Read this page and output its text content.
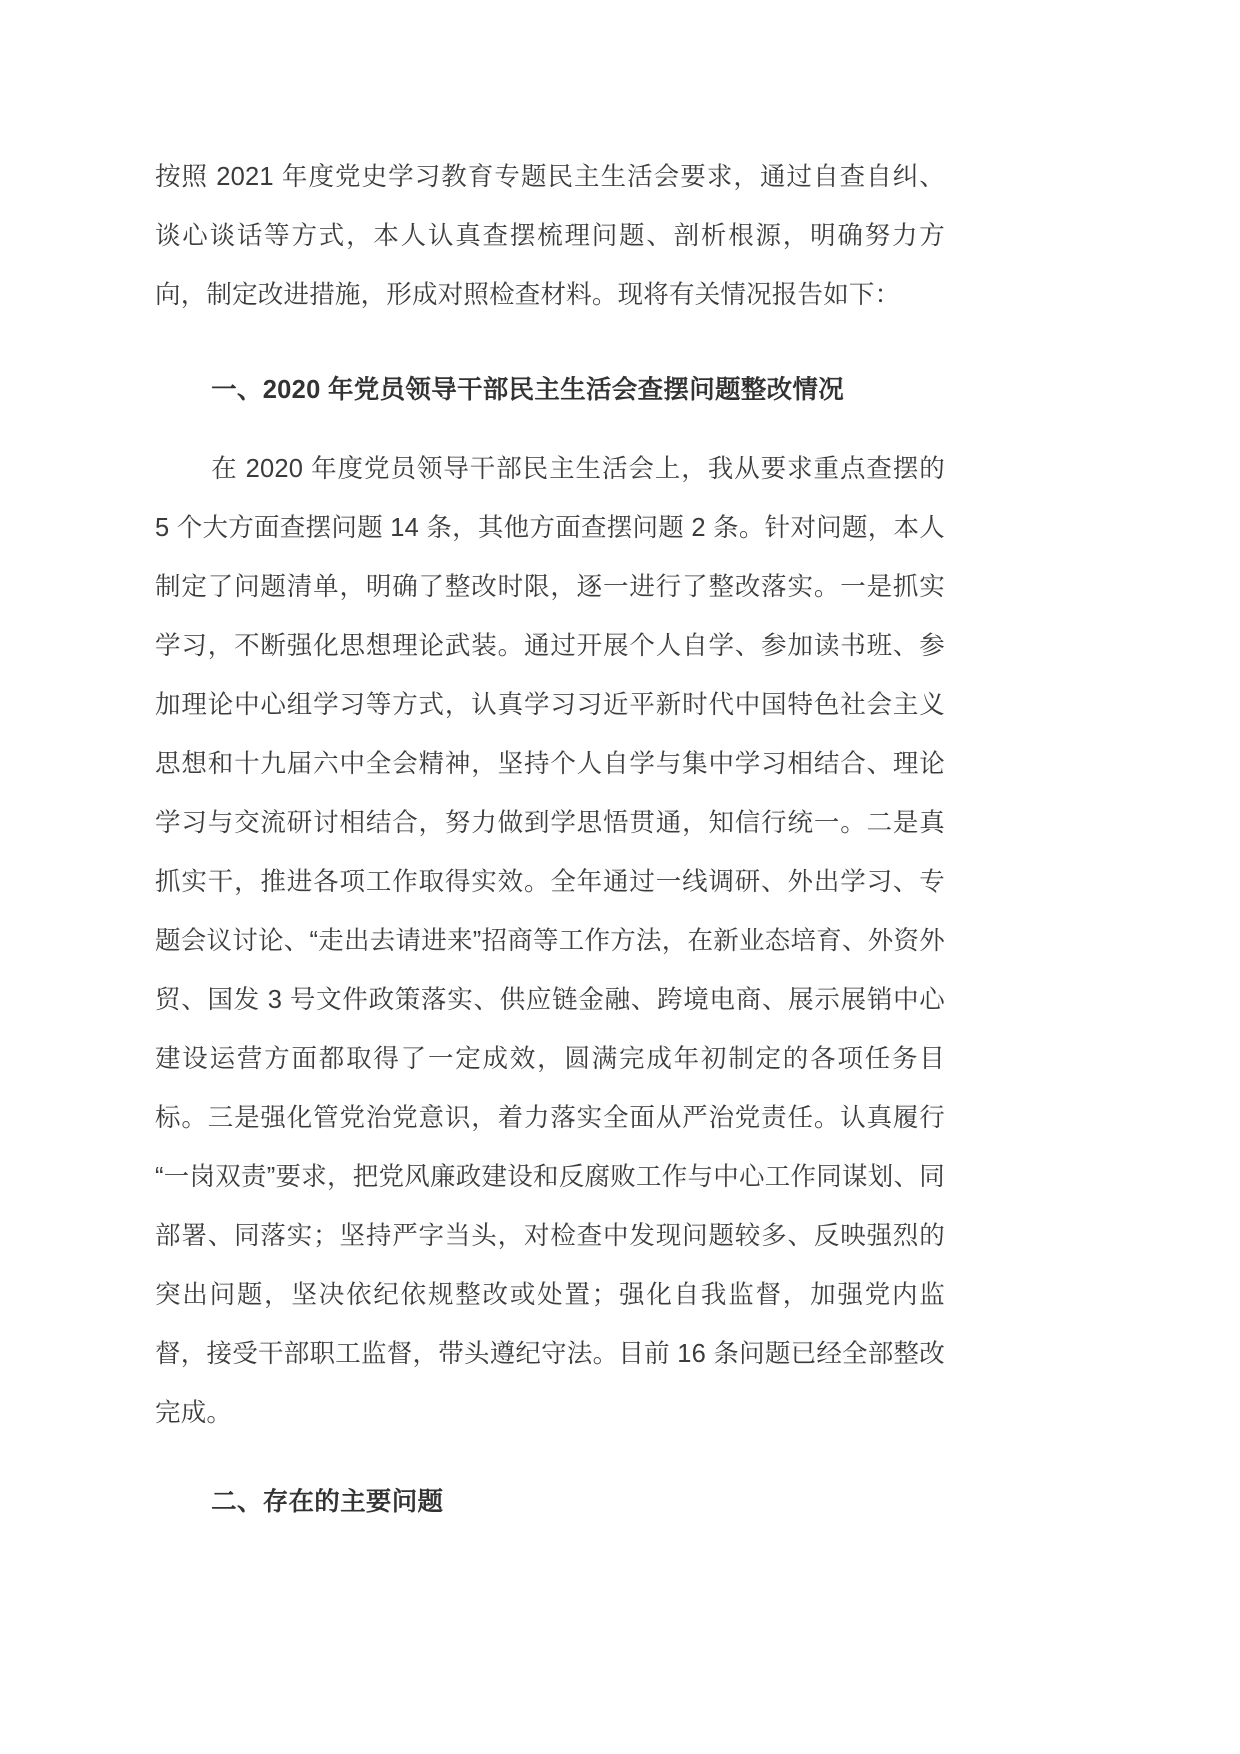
按照 2021 年度党史学习教育专题民主生活会要求，通过自查自纠、谈心谈话等方式，本人认真查摆梳理问题、剖析根源，明确努力方向，制定改进措施，形成对照检查材料。现将有关情况报告如下：

一、2020 年党员领导干部民主生活会查摆问题整改情况

在 2020 年度党员领导干部民主生活会上，我从要求重点查摆的 5 个大方面查摆问题 14 条，其他方面查摆问题 2 条。针对问题，本人制定了问题清单，明确了整改时限，逐一进行了整改落实。一是抓实学习，不断强化思想理论武装。通过开展个人自学、参加读书班、参加理论中心组学习等方式，认真学习习近平新时代中国特色社会主义思想和十九届六中全会精神，坚持个人自学与集中学习相结合、理论学习与交流研讨相结合，努力做到学思悟贯通，知信行统一。二是真抓实干，推进各项工作取得实效。全年通过一线调研、外出学习、专题会议讨论、“走出去请进来”招商等工作方法，在新业态培育、外资外贸、国发 3 号文件政策落实、供应链金融、跨境电商、展示展销中心建设运营方面都取得了一定成效，圆满完成年初制定的各项任务目标。三是强化管党治党意识，着力落实全面从严治党责任。认真履行“一岗双责”要求，把党风廉政建设和反腐败工作与中心工作同谋划、同部署、同落实；坚持严字当头，对检查中发现问题较多、反映强烈的突出问题，坚决依纪依规整改或处置；强化自我监督，加强党内监督，接受干部职工监督，带头遵纪守法。目前 16 条问题已经全部整改完成。

二、存在的主要问题
